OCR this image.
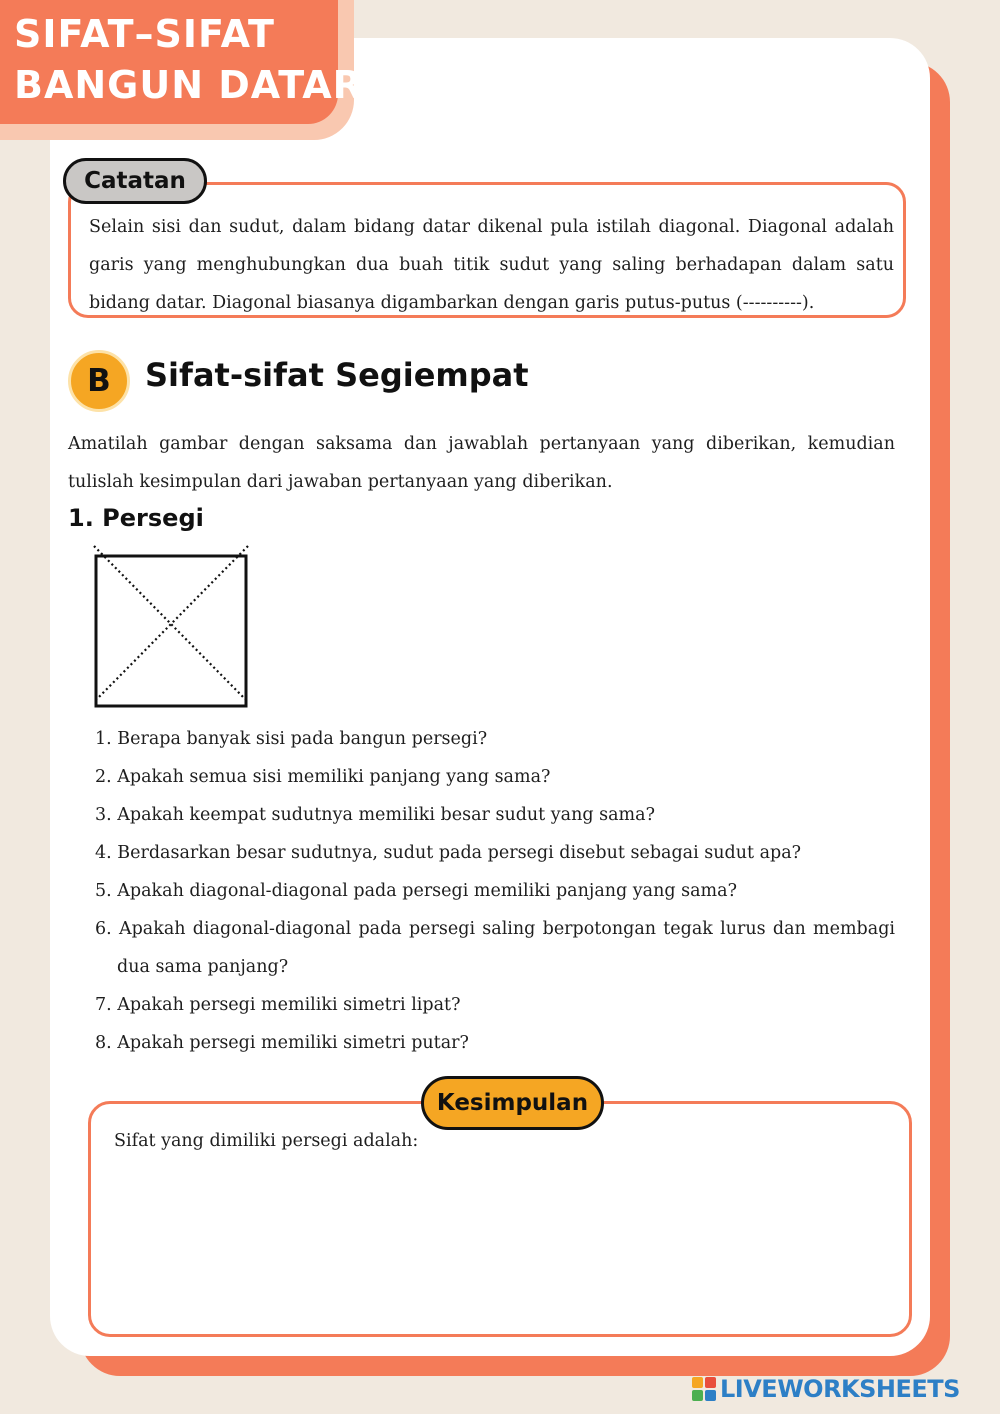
SIFAT–SIFAT
BANGUN DATAR
Catatan
Selain sisi dan sudut, dalam bidang datar dikenal pula istilah diagonal. Diagonal adalah garis yang menghubungkan dua buah titik sudut yang saling berhadapan dalam satu bidang datar. Diagonal biasanya digambarkan dengan garis putus-putus (----------).
B	Sifat-sifat Segiempat
Amatilah gambar dengan saksama dan jawablah pertanyaan yang diberikan, kemudian tulislah kesimpulan dari jawaban pertanyaan yang diberikan.
1. Persegi
1. Berapa banyak sisi pada bangun persegi?
2. Apakah semua sisi memiliki panjang yang sama?
3. Apakah keempat sudutnya memiliki besar sudut yang sama?
4. Berdasarkan besar sudutnya, sudut pada persegi disebut sebagai sudut apa?
5. Apakah diagonal-diagonal pada persegi memiliki panjang yang sama?
6. Apakah diagonal-diagonal pada persegi saling berpotongan tegak lurus dan membagi dua sama panjang?
7. Apakah persegi memiliki simetri lipat?
8. Apakah persegi memiliki simetri putar?
Kesimpulan
Sifat yang dimiliki persegi adalah:
LIVEWORKSHEETS
